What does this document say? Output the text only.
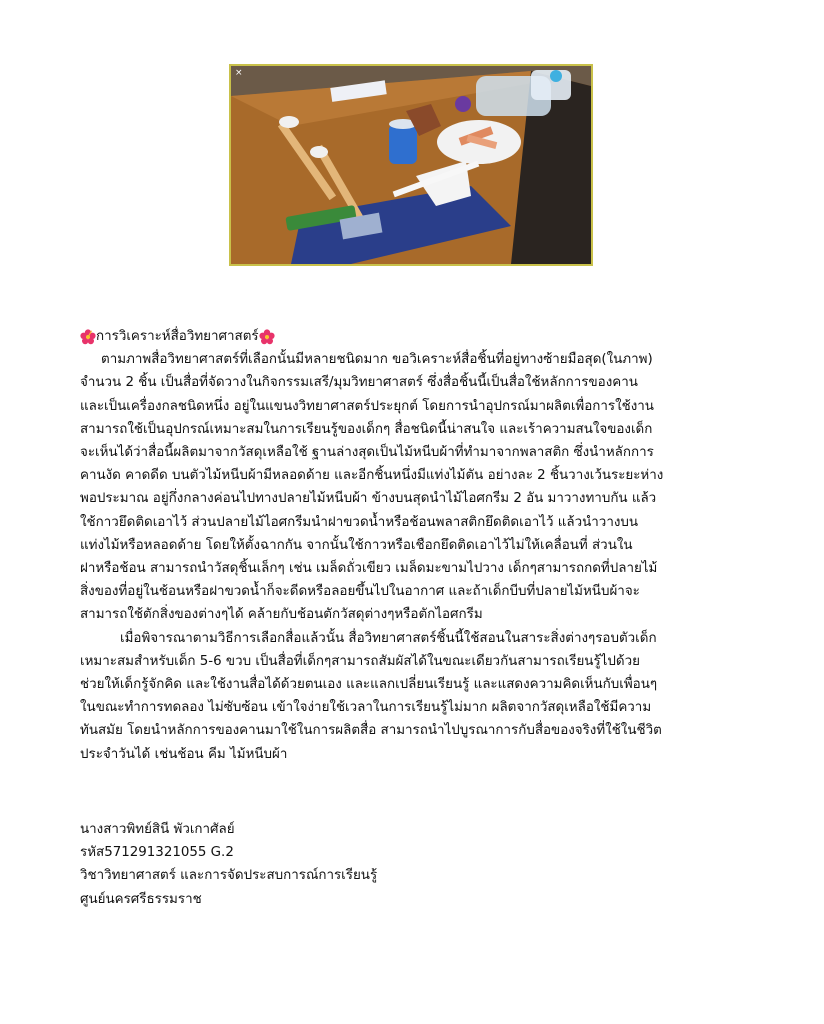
×
การวิเคราะห์สื่อวิทยาศาสตร์
ตามภาพสื่อวิทยาศาสตร์ที่เลือกนั้นมีหลายชนิดมาก ขอวิเคราะห์สื่อชิ้นที่อยู่ทางซ้ายมือสุด(ในภาพ)
จำนวน 2 ชิ้น เป็นสื่อที่จัดวางในกิจกรรมเสรี/มุมวิทยาศาสตร์ ซึ่งสื่อชิ้นนี้เป็นสื่อใช้หลักการของคาน
และเป็นเครื่องกลชนิดหนึ่ง อยู่ในแขนงวิทยาศาสตร์ประยุกต์ โดยการนำอุปกรณ์มาผลิตเพื่อการใช้งาน
สามารถใช้เป็นอุปกรณ์เหมาะสมในการเรียนรู้ของเด็กๆ สื่อชนิดนี้น่าสนใจ และเร้าความสนใจของเด็ก
จะเห็นได้ว่าสื่อนี้ผลิตมาจากวัสดุเหลือใช้ ฐานล่างสุดเป็นไม้หนีบผ้าที่ทำมาจากพลาสติก ซึ่งนำหลักการ
คานงัด คาดดีด บนตัวไม้หนีบผ้ามีหลอดด้าย และอีกชิ้นหนึ่งมีแท่งไม้ตัน อย่างละ 2 ชิ้นวางเว้นระยะห่าง
พอประมาณ อยู่กึ่งกลางค่อนไปทางปลายไม้หนีบผ้า ข้างบนสุดนำไม้ไอศกรีม 2 อัน มาวางทาบกัน แล้ว
ใช้กาวยึดติดเอาไว้ ส่วนปลายไม้ไอศกรีมนำฝาขวดน้ำหรือช้อนพลาสติกยึดติดเอาไว้ แล้วนำวางบน
แท่งไม้หรือหลอดด้าย โดยให้ตั้งฉากกัน จากนั้นใช้กาวหรือเชือกยึดติดเอาไว้ไม่ให้เคลื่อนที่ ส่วนใน
ฝาหรือช้อน สามารถนำวัสดุชิ้นเล็กๆ เช่น เมล็ดถั่วเขียว เมล็ดมะขามไปวาง เด็กๆสามารถกดที่ปลายไม้
สิ่งของที่อยู่ในช้อนหรือฝาขวดน้ำก็จะดีดหรือลอยขึ้นไปในอากาศ และถ้าเด็กบีบที่ปลายไม้หนีบผ้าจะ
สามารถใช้ตักสิ่งของต่างๆได้ คล้ายกับช้อนตักวัสดุต่างๆหรือตักไอศกรีม
เมื่อพิจารณาตามวิธีการเลือกสื่อแล้วนั้น สื่อวิทยาศาสตร์ชิ้นนี้ใช้สอนในสาระสิ่งต่างๆรอบตัวเด็ก
เหมาะสมสำหรับเด็ก 5-6 ขวบ เป็นสื่อที่เด็กๆสามารถสัมผัสได้ในขณะเดียวกันสามารถเรียนรู้ไปด้วย
ช่วยให้เด็กรู้จักคิด และใช้งานสื่อได้ด้วยตนเอง และแลกเปลี่ยนเรียนรู้ และแสดงความคิดเห็นกับเพื่อนๆ
ในขณะทำการทดลอง ไม่ซับซ้อน เข้าใจง่ายใช้เวลาในการเรียนรู้ไม่มาก ผลิตจากวัสดุเหลือใช้มีความ
ทันสมัย โดยนำหลักการของคานมาใช้ในการผลิตสื่อ สามารถนำไปบูรณาการกับสื่อของจริงที่ใช้ในชีวิต
ประจำวันได้ เช่นช้อน คีม ไม้หนีบผ้า
นางสาวพิทย์สินี พัวเกาศัลย์
รหัส571291321055 G.2
วิชาวิทยาศาสตร์ และการจัดประสบการณ์การเรียนรู้
ศูนย์นครศรีธรรมราช
